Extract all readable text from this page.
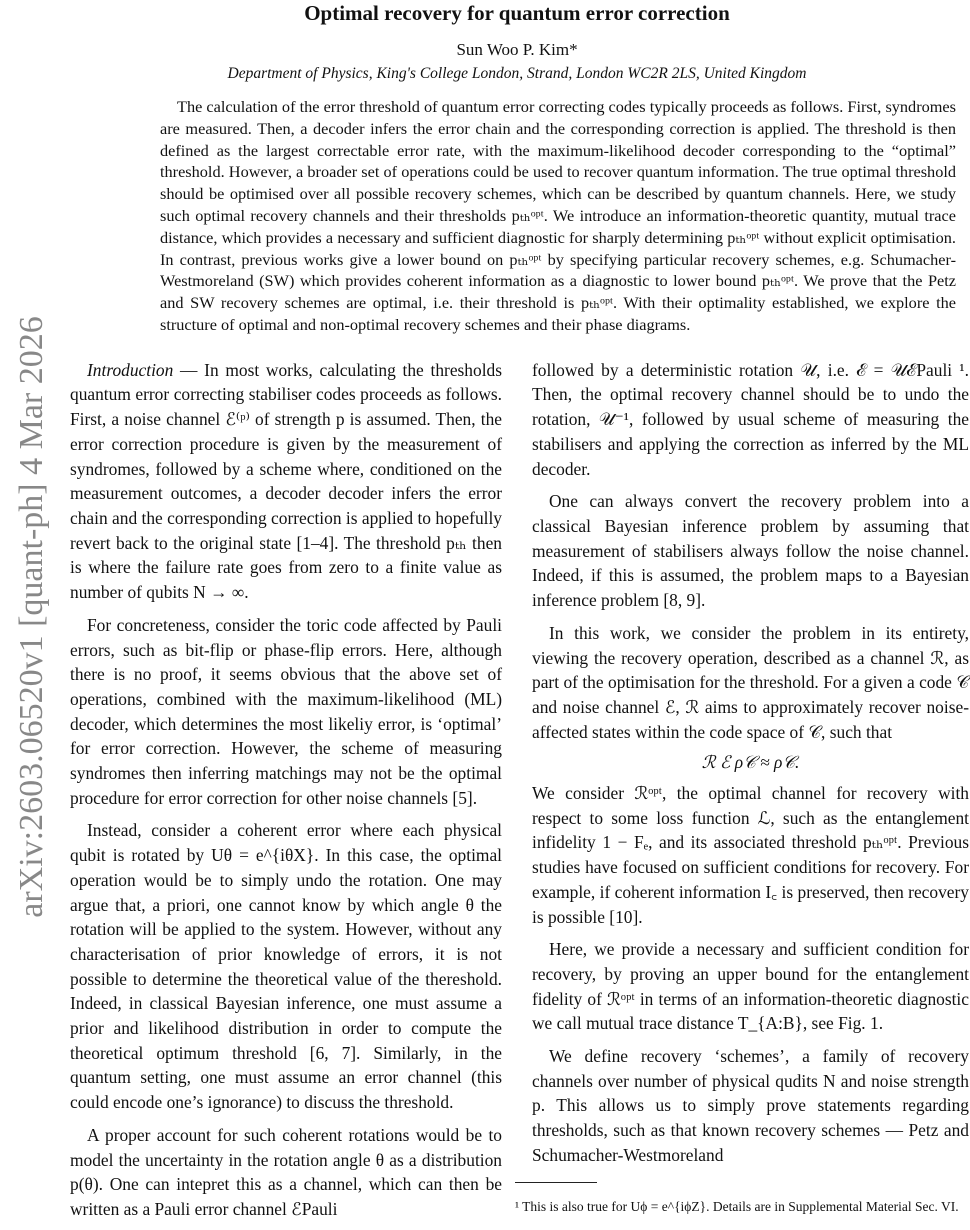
Optimal recovery for quantum error correction
Sun Woo P. Kim*
Department of Physics, King's College London, Strand, London WC2R 2LS, United Kingdom

The calculation of the error threshold of quantum error correcting codes typically proceeds as follows. First, syndromes are measured. Then, a decoder infers the error chain and the corresponding correction is applied. The threshold is then defined as the largest correctable error rate, with the maximum-likelihood decoder corresponding to the “optimal” threshold. However, a broader set of operations could be used to recover quantum information. The true optimal threshold should be optimised over all possible recovery schemes, which can be described by quantum channels. Here, we study such optimal recovery channels and their thresholds pₜₕᵒᵖᵗ. We introduce an information-theoretic quantity, mutual trace distance, which provides a necessary and sufficient diagnostic for sharply determining pₜₕᵒᵖᵗ without explicit optimisation. In contrast, previous works give a lower bound on pₜₕᵒᵖᵗ by specifying particular recovery schemes, e.g. Schumacher-Westmoreland (SW) which provides coherent information as a diagnostic to lower bound pₜₕᵒᵖᵗ. We prove that the Petz and SW recovery schemes are optimal, i.e. their threshold is pₜₕᵒᵖᵗ. With their optimality established, we explore the structure of optimal and non-optimal recovery schemes and their phase diagrams.

arXiv:2603.06520v1 [quant-ph] 4 Mar 2026	Introduction — In most works, calculating the thresholds quantum error correcting stabiliser codes proceeds as follows. First, a noise channel ℰ⁽ᵖ⁾ of strength p is assumed. Then, the error correction procedure is given by the measurement of syndromes, followed by a scheme where, conditioned on the measurement outcomes, a decoder decoder infers the error chain and the corresponding correction is applied to hopefully revert back to the original state [1–4]. The threshold pₜₕ then is where the failure rate goes from zero to a finite value as number of qubits N → ∞.

For concreteness, consider the toric code affected by Pauli errors, such as bit-flip or phase-flip errors. Here, although there is no proof, it seems obvious that the above set of operations, combined with the maximum-likelihood (ML) decoder, which determines the most likeliy error, is ‘optimal’ for error correction. However, the scheme of measuring syndromes then inferring matchings may not be the optimal procedure for error correction for other noise channels [5].

Instead, consider a coherent error where each physical qubit is rotated by Uθ = e^{iθX}. In this case, the optimal operation would be to simply undo the rotation. One may argue that, a priori, one cannot know by which angle θ the rotation will be applied to the system. However, without any characterisation of prior knowledge of errors, it is not possible to determine the theoretical value of the thereshold. Indeed, in classical Bayesian inference, one must assume a prior and likelihood distribution in order to compute the theoretical optimum threshold [6, 7]. Similarly, in the quantum setting, one must assume an error channel (this could encode one’s ignorance) to discuss the threshold.

A proper account for such coherent rotations would be to model the uncertainty in the rotation angle θ as a distribution p(θ). One can intepret this as a channel, which can then be written as a Pauli error channel ℰPauli

followed by a deterministic rotation 𝒰, i.e. ℰ = 𝒰ℰPauli ¹. Then, the optimal recovery channel should be to undo the rotation, 𝒰⁻¹, followed by usual scheme of measuring the stabilisers and applying the correction as inferred by the ML decoder.

One can always convert the recovery problem into a classical Bayesian inference problem by assuming that measurement of stabilisers always follow the noise channel. Indeed, if this is assumed, the problem maps to a Bayesian inference problem [8, 9].

In this work, we consider the problem in its entirety, viewing the recovery operation, described as a channel ℛ, as part of the optimisation for the threshold. For a given a code 𝒞 and noise channel ℰ, ℛ aims to approximately recover noise-affected states within the code space of 𝒞, such that

ℛ ℰ ρ𝒞 ≈ ρ𝒞.

We consider ℛᵒᵖᵗ, the optimal channel for recovery with respect to some loss function ℒ, such as the entanglement infidelity 1 − Fₑ, and its associated threshold pₜₕᵒᵖᵗ. Previous studies have focused on sufficient conditions for recovery. For example, if coherent information I꜀ is preserved, then recovery is possible [10].

Here, we provide a necessary and sufficient condition for recovery, by proving an upper bound for the entanglement fidelity of ℛᵒᵖᵗ in terms of an information-theoretic diagnostic we call mutual trace distance T_{A:B}, see Fig. 1.

We define recovery ‘schemes’, a family of recovery channels over number of physical qudits N and noise strength p. This allows us to simply prove statements regarding thresholds, such as that known recovery schemes — Petz and Schumacher-Westmoreland

¹ This is also true for Uϕ = e^{iϕZ}. Details are in Supplemental Material Sec. VI.
